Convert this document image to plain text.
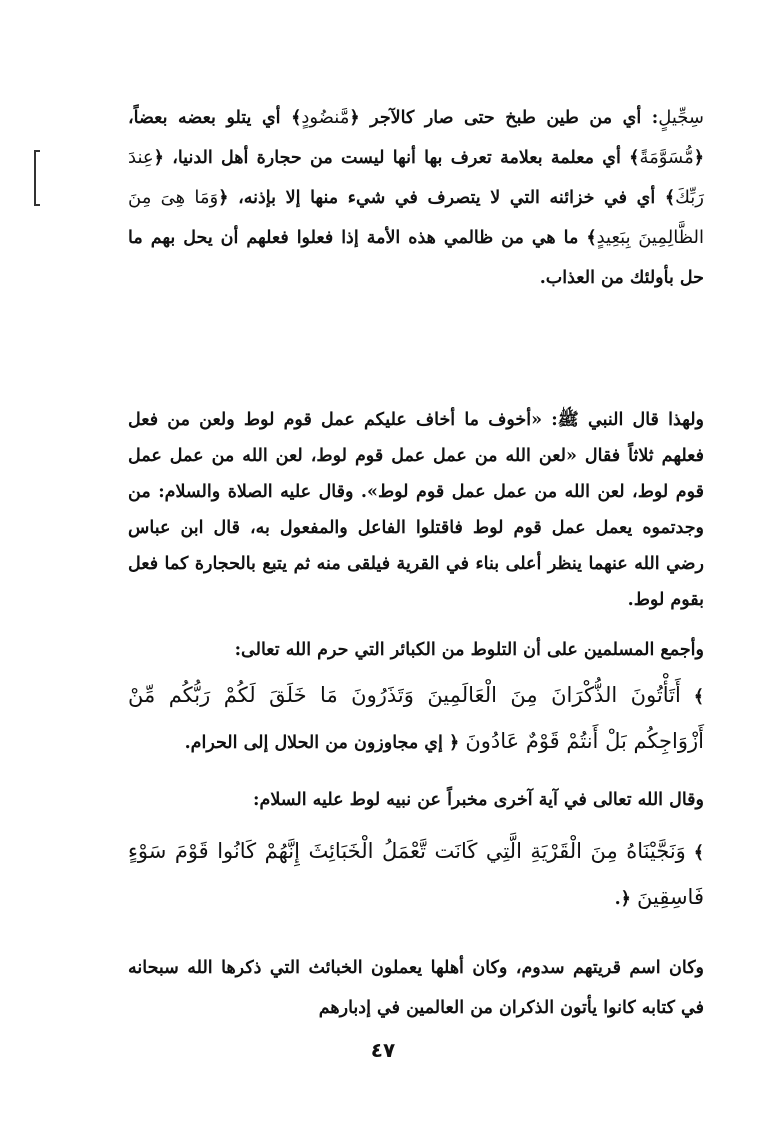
سِجِّيلٍ: أي من طين طبخ حتى صار كالآجر ﴿مَّنضُودٍ﴾ أي يتلو بعضه بعضاً، ﴿مُّسَوَّمَةً﴾ أي معلمة بعلامة تعرف بها أنها ليست من حجارة أهل الدنيا، ﴿عِندَ رَبِّكَ﴾ أي في خزائنه التي لا يتصرف في شيء منها إلا بإذنه، ﴿وَمَا هِىَ مِنَ الظَّالِمِينَ بِبَعِيدٍ﴾ ما هي من ظالمي هذه الأمة إذا فعلوا فعلهم أن يحل بهم ما حل بأولئك من العذاب.

ولهذا قال النبي ﷺ: «أخوف ما أخاف عليكم عمل قوم لوط ولعن من فعل فعلهم ثلاثاً فقال «لعن الله من عمل عمل قوم لوط، لعن الله من عمل عمل قوم لوط، لعن الله من عمل عمل قوم لوط». وقال عليه الصلاة والسلام: من وجدتموه يعمل عمل قوم لوط فاقتلوا الفاعل والمفعول به، قال ابن عباس رضي الله عنهما ينظر أعلى بناء في القرية فيلقى منه ثم يتبع بالحجارة كما فعل بقوم لوط.

وأجمع المسلمين على أن التلوط من الكبائر التي حرم الله تعالى:

﴾ أَتَأْتُونَ الذُّكْرَانَ مِنَ الْعَالَمِينَ وَتَذَرُونَ مَا خَلَقَ لَكُمْ رَبُّكُم مِّنْ أَزْوَاجِكُم بَلْ أَنتُمْ قَوْمٌ عَادُونَ ﴿ إي مجاوزون من الحلال إلى الحرام.

وقال الله تعالى في آية آخرى مخبراً عن نبيه لوط عليه السلام:

﴾ وَنَجَّيْنَاهُ مِنَ الْقَرْيَةِ الَّتِي كَانَت تَّعْمَلُ الْخَبَائِثَ إِنَّهُمْ كَانُوا قَوْمَ سَوْءٍ فَاسِقِينَ ﴿.

وكان اسم قريتهم سدوم، وكان أهلها يعملون الخبائث التي ذكرها الله سبحانه في كتابه كانوا يأتون الذكران من العالمين في إدبارهم

٤٧
